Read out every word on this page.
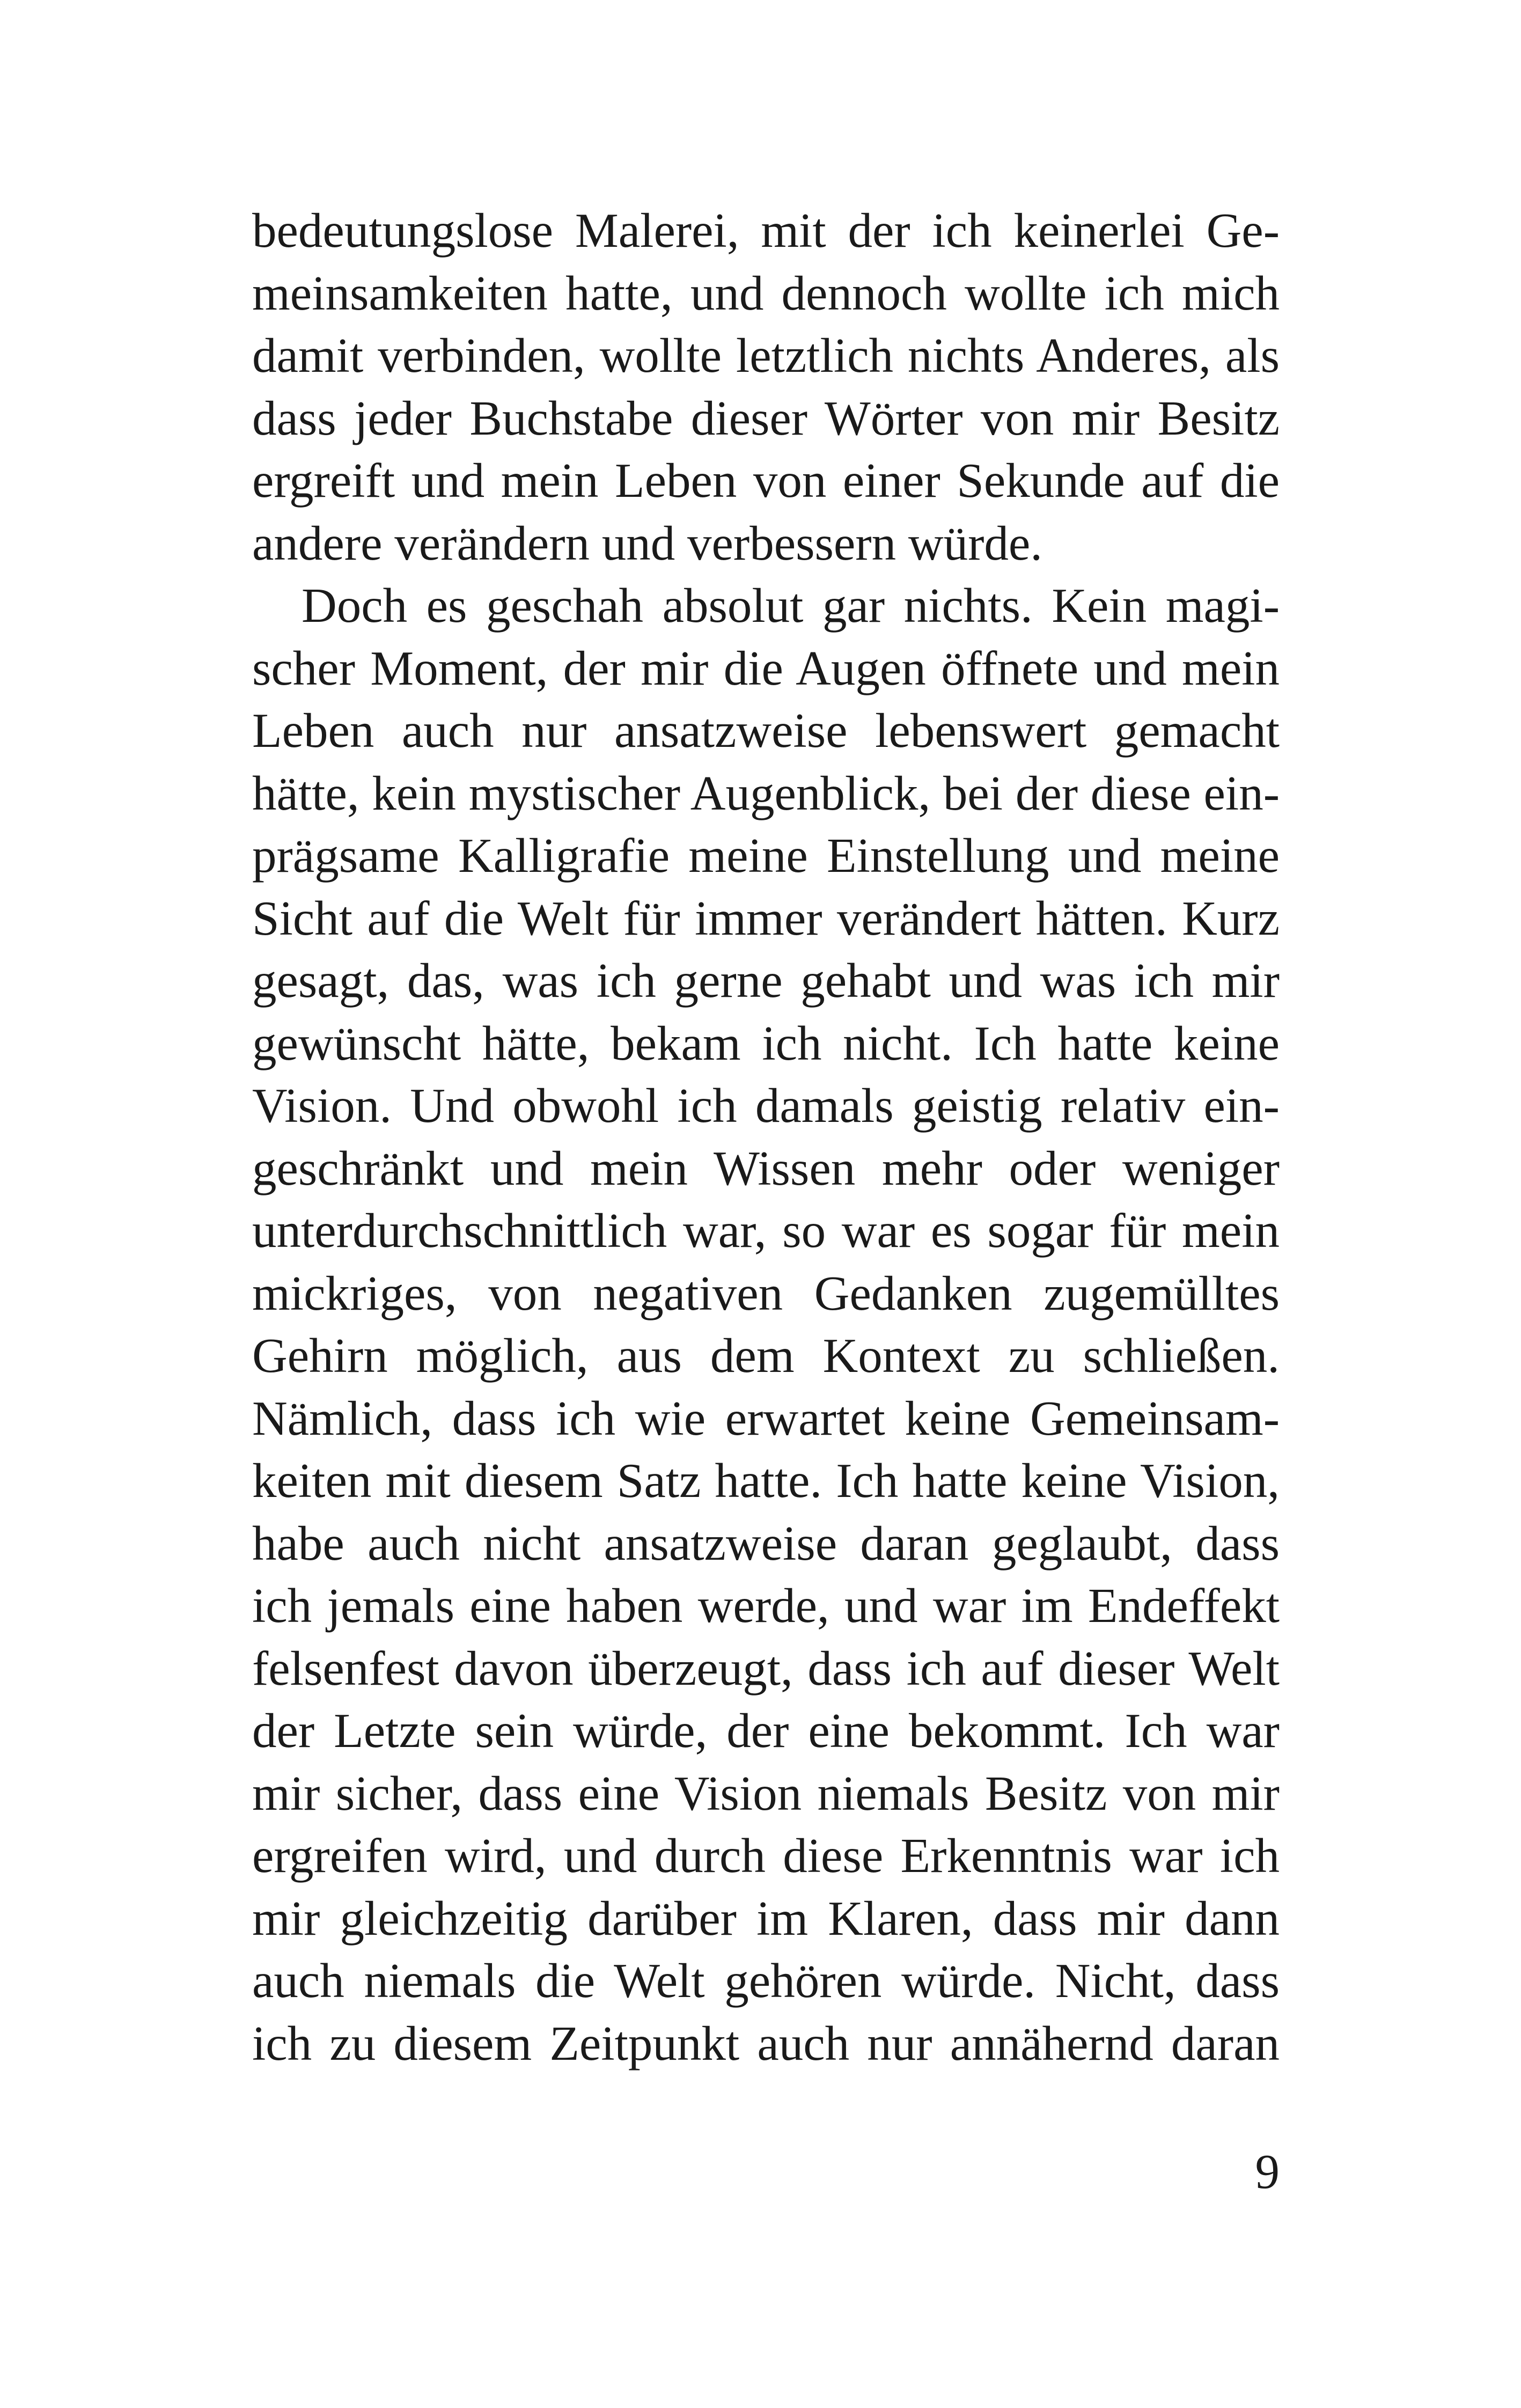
bedeutungslose Malerei, mit der ich keinerlei Ge-
meinsamkeiten hatte, und dennoch wollte ich mich
damit verbinden, wollte letztlich nichts Anderes, als
dass jeder Buchstabe dieser Wörter von mir Besitz
ergreift und mein Leben von einer Sekunde auf die
andere verändern und verbessern würde.
Doch es geschah absolut gar nichts. Kein magi-
scher Moment, der mir die Augen öffnete und mein
Leben auch nur ansatzweise lebenswert gemacht
hätte, kein mystischer Augenblick, bei der diese ein-
prägsame Kalligrafie meine Einstellung und meine
Sicht auf die Welt für immer verändert hätten. Kurz
gesagt, das, was ich gerne gehabt und was ich mir
gewünscht hätte, bekam ich nicht. Ich hatte keine
Vision. Und obwohl ich damals geistig relativ ein-
geschränkt und mein Wissen mehr oder weniger
unterdurchschnittlich war, so war es sogar für mein
mickriges, von negativen Gedanken zugemülltes
Gehirn möglich, aus dem Kontext zu schließen.
Nämlich, dass ich wie erwartet keine Gemeinsam-
keiten mit diesem Satz hatte. Ich hatte keine Vision,
habe auch nicht ansatzweise daran geglaubt, dass
ich jemals eine haben werde, und war im Endeffekt
felsenfest davon überzeugt, dass ich auf dieser Welt
der Letzte sein würde, der eine bekommt. Ich war
mir sicher, dass eine Vision niemals Besitz von mir
ergreifen wird, und durch diese Erkenntnis war ich
mir gleichzeitig darüber im Klaren, dass mir dann
auch niemals die Welt gehören würde. Nicht, dass
ich zu diesem Zeitpunkt auch nur annähernd daran
9
